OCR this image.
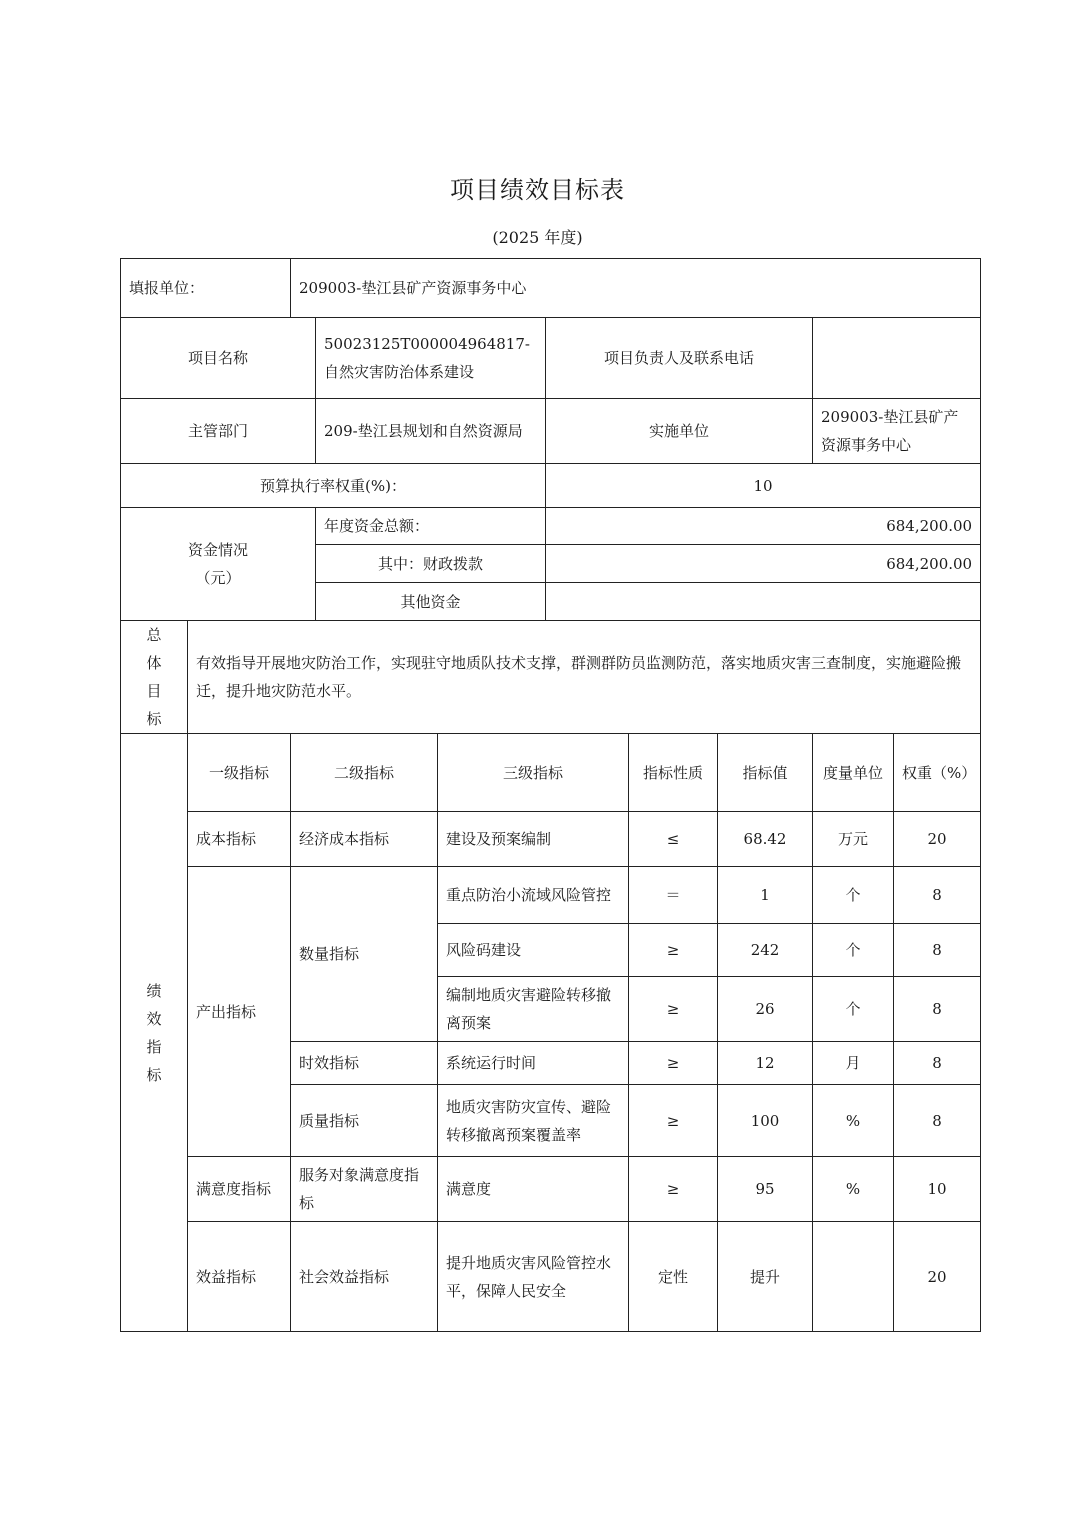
项目绩效目标表
(2025 年度)
填报单位：		209003-垫江县矿产资源事务中心							
项目名称			50023125T000004964817-自然灾害防治体系建设		项目负责人及联系电话				
主管部门			209-垫江县规划和自然资源局		实施单位			209003-垫江县矿产资源事务中心	
预算执行率权重(%)：					10				
资金情况
（元）			年度资金总额：		684,200.00				
			其中：财政拨款		684,200.00				
			其他资金						

总
体
目
标	有效指导开展地灾防治工作，实现驻守地质队技术支撑，群测群防员监测防范，落实地质灾害三查制度，实施避险搬迁，提升地灾防范水平。								

绩
效
指
标	一级指标	二级指标		三级指标		指标性质	指标值	度量单位	权重（%）
	成本指标	经济成本指标		建设及预案编制		≤	68.42	万元	20
	产出指标	数量指标		重点防治小流域风险管控		＝	1	个	8
				风险码建设		≥	242	个	8
				编制地质灾害避险转移撤离预案		≥	26	个	8
		时效指标		系统运行时间		≥	12	月	8
		质量指标		地质灾害防灾宣传、避险转移撤离预案覆盖率		≥	100	%	8
	满意度指标	服务对象满意度指标		满意度		≥	95	%	10
	效益指标	社会效益指标		提升地质灾害风险管控水平，保障人民安全		定性	提升		20
